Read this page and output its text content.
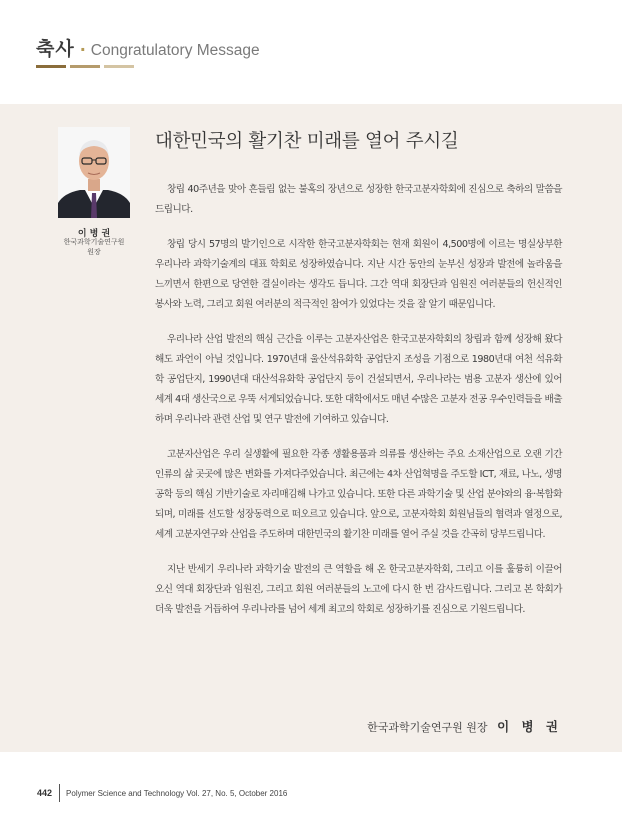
축사 · Congratulatory Message
이 병 권
한국과학기술연구원
원장
대한민국의 활기찬 미래를 열어 주시길

창립 40주년을 맞아 흔들림 없는 불혹의 장년으로 성장한 한국고분자학회에 진심으로 축하의 말씀을 드립니다.

창립 당시 57명의 발기인으로 시작한 한국고분자학회는 현재 회원이 4,500명에 이르는 명실상부한 우리나라 과학기술계의 대표 학회로 성장하였습니다. 지난 시간 동안의 눈부신 성장과 발전에 놀라움을 느끼면서 한편으로 당연한 결실이라는 생각도 듭니다. 그간 역대 회장단과 임원진 여러분들의 헌신적인 봉사와 노력, 그리고 회원 여러분의 적극적인 참여가 있었다는 것을 잘 알기 때문입니다.

우리나라 산업 발전의 핵심 근간을 이루는 고분자산업은 한국고분자학회의 창립과 함께 성장해 왔다 해도 과언이 아닐 것입니다. 1970년대 울산석유화학 공업단지 조성을 기점으로 1980년대 여천 석유화학 공업단지, 1990년대 대산석유화학 공업단지 등이 건설되면서, 우리나라는 범용 고분자 생산에 있어 세계 4대 생산국으로 우뚝 서게되었습니다. 또한 대학에서도 매년 수많은 고분자 전공 우수인력들을 배출하며 우리나라 관련 산업 및 연구 발전에 기여하고 있습니다.

고분자산업은 우리 실생활에 필요한 각종 생활용품과 의류를 생산하는 주요 소재산업으로 오랜 기간 인류의 삶 곳곳에 많은 변화를 가져다주었습니다. 최근에는 4차 산업혁명을 주도할 ICT, 재료, 나노, 생명공학 등의 핵심 기반기술로 자리매김해 나가고 있습니다. 또한 다른 과학기술 및 산업 분야와의 융·복합화되며, 미래를 선도할 성장동력으로 떠오르고 있습니다. 앞으로, 고분자학회 회원님들의 협력과 열정으로, 세계 고분자연구와 산업을 주도하며 대한민국의 활기찬 미래를 열어 주실 것을 간곡히 당부드립니다.

지난 반세기 우리나라 과학기술 발전의 큰 역할을 해 온 한국고분자학회, 그리고 이를 훌륭히 이끌어 오신 역대 회장단과 임원진, 그리고 회원 여러분들의 노고에 다시 한 번 감사드립니다. 그리고 본 학회가 더욱 발전을 거듭하여 우리나라를 넘어 세계 최고의 학회로 성장하기를 진심으로 기원드립니다.

한국과학기술연구원 원장 이 병 권
442 Polymer Science and Technology Vol. 27, No. 5, October 2016
